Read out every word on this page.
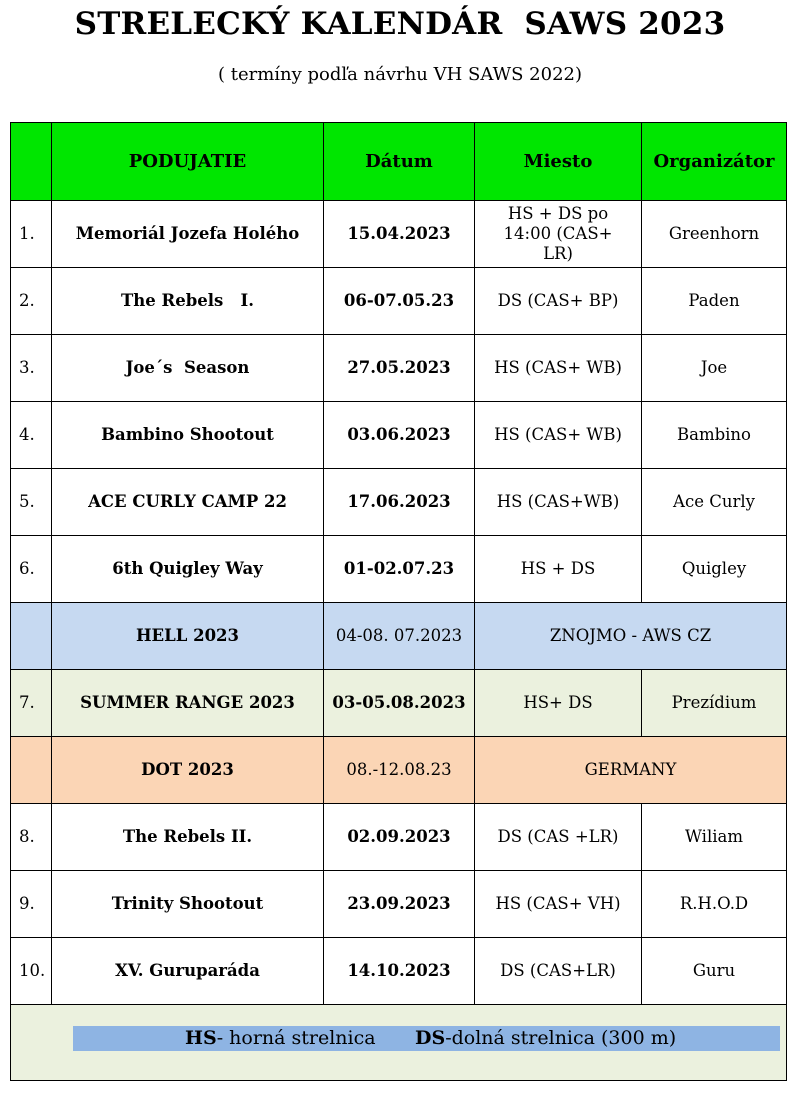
STRELECKÝ KALENDÁR  SAWS 2023
( termíny podľa návrhu VH SAWS 2022)
	PODUJATIE	Dátum	Miesto	Organizátor
1.	Memoriál Jozefa Holého	15.04.2023	HS + DS po 14:00 (CAS+ LR)	Greenhorn
2.	The Rebels   I.	06-07.05.23	DS (CAS+ BP)	Paden
3.	Joe´s  Season	27.05.2023	HS (CAS+ WB)	Joe
4.	Bambino Shootout	03.06.2023	HS (CAS+ WB)	Bambino
5.	ACE CURLY CAMP 22	17.06.2023	HS (CAS+WB)	Ace Curly
6.	6th Quigley Way	01-02.07.23	HS + DS	Quigley
	HELL 2023	04-08. 07.2023	ZNOJMO - AWS CZ	
7.	SUMMER RANGE 2023	03-05.08.2023	HS+ DS	Prezídium
	DOT 2023	08.-12.08.23	GERMANY	
8.	The Rebels II.	02.09.2023	DS (CAS +LR)	Wiliam
9.	Trinity Shootout	23.09.2023	HS (CAS+ VH)	R.H.O.D
10.	XV. Guruparáda	14.10.2023	DS (CAS+LR)	Guru

HS- horná strelnica DS-dolná strelnica (300 m)				
